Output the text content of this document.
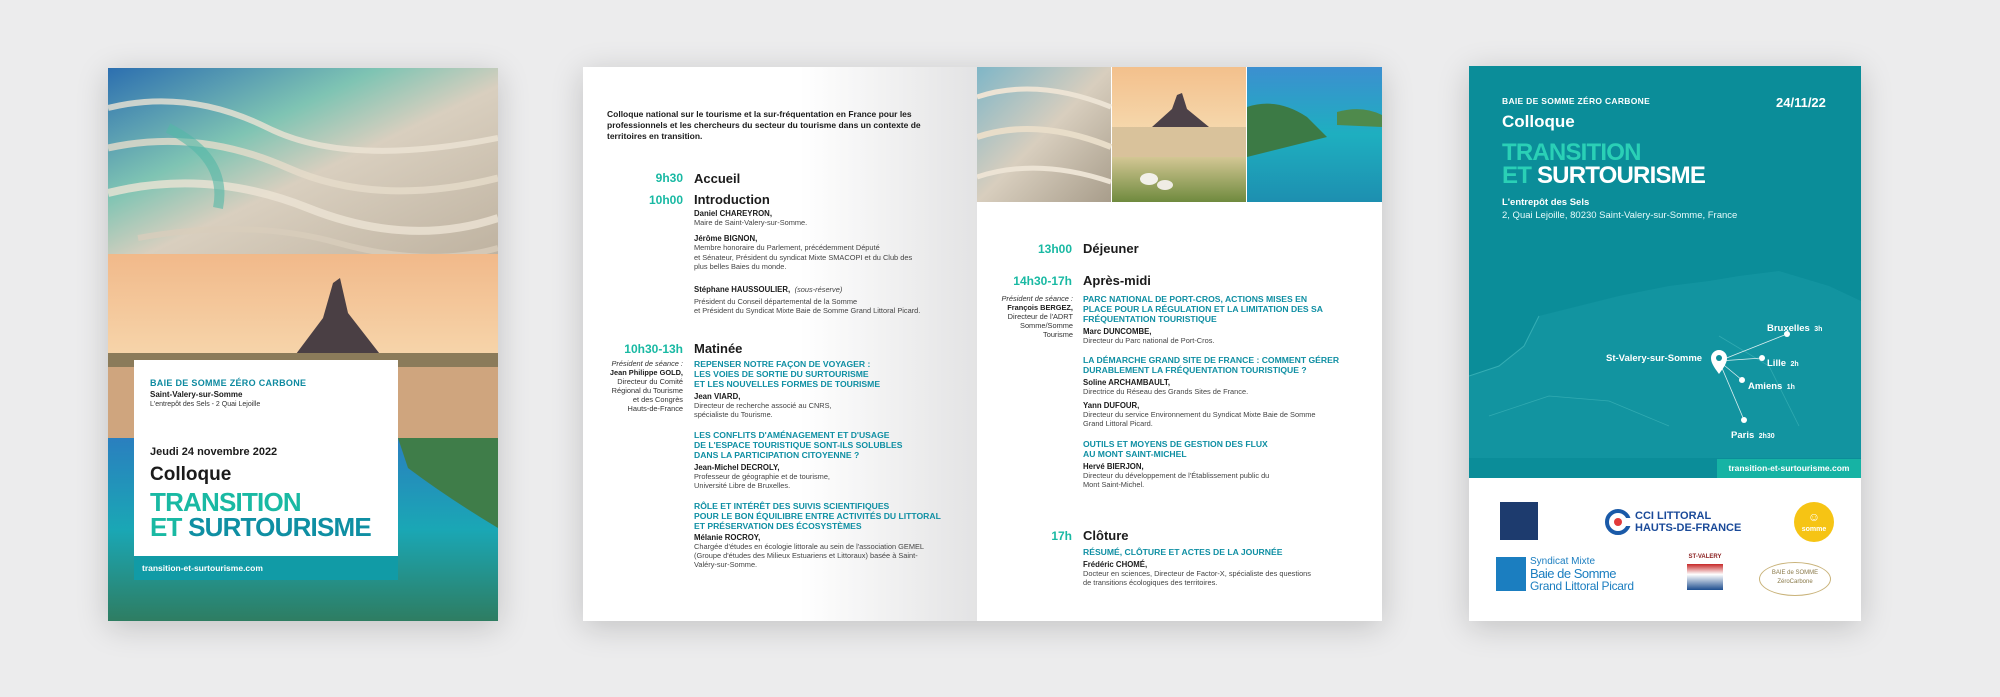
BAIE DE SOMME ZÉRO CARBONE
Saint-Valery-sur-Somme
L'entrepôt des Sels - 2 Quai Lejoille
Jeudi 24 novembre 2022
Colloque
TRANSITION
ET SURTOURISME
transition-et-surtourisme.com
Colloque national sur le tourisme et la sur-fréquentation en France pour les
professionnels et les chercheurs du secteur du tourisme dans un contexte de
territoires en transition.
9h30 Accueil
10h00 Introduction
Daniel CHAREYRON,
Maire de Saint-Valery-sur-Somme.
Jérôme BIGNON,
Membre honoraire du Parlement, précédemment Député
et Sénateur, Président du syndicat Mixte SMACOPI et du Club des
plus belles Baies du monde.
Stéphane HAUSSOULIER, (sous-réserve)
Président du Conseil départemental de la Somme
et Président du Syndicat Mixte Baie de Somme Grand Littoral Picard.
10h30-13h Matinée
Président de séance :
Jean Philippe GOLD,
Directeur du Comité
Régional du Tourisme
et des Congrès
Hauts-de-France
REPENSER NOTRE FAÇON DE VOYAGER :
LES VOIES DE SORTIE DU SURTOURISME
ET LES NOUVELLES FORMES DE TOURISME
Jean VIARD,
Directeur de recherche associé au CNRS,
spécialiste du Tourisme.
LES CONFLITS D'AMÉNAGEMENT ET D'USAGE
DE L'ESPACE TOURISTIQUE SONT-ILS SOLUBLES
DANS LA PARTICIPATION CITOYENNE ?
Jean-Michel DECROLY,
Professeur de géographie et de tourisme,
Université Libre de Bruxelles.
RÔLE ET INTÉRÊT DES SUIVIS SCIENTIFIQUES
POUR LE BON ÉQUILIBRE ENTRE ACTIVITÉS DU LITTORAL
ET PRÉSERVATION DES ÉCOSYSTÈMES
Mélanie ROCROY,
Chargée d'études en écologie littorale au sein de l'association GEMEL
(Groupe d'études des Milieux Estuariens et Littoraux) basée à Saint-
Valéry-sur-Somme.
13h00 Déjeuner
14h30-17h Après-midi
Président de séance :
François BERGEZ,
Directeur de l'ADRT
Somme/Somme
Tourisme
PARC NATIONAL DE PORT-CROS, ACTIONS MISES EN
PLACE POUR LA RÉGULATION ET LA LIMITATION DES SA
FRÉQUENTATION TOURISTIQUE
Marc DUNCOMBE,
Directeur du Parc national de Port-Cros.
LA DÉMARCHE GRAND SITE DE FRANCE : COMMENT GÉRER
DURABLEMENT LA FRÉQUENTATION TOURISTIQUE ?
Soline ARCHAMBAULT,
Directrice du Réseau des Grands Sites de France.
Yann DUFOUR,
Directeur du service Environnement du Syndicat Mixte Baie de Somme
Grand Littoral Picard.
OUTILS ET MOYENS DE GESTION DES FLUX
AU MONT SAINT-MICHEL
Hervé BIERJON,
Directeur du développement de l'Établissement public du
Mont Saint-Michel.
17h Clôture
RÉSUMÉ, CLÔTURE ET ACTES DE LA JOURNÉE
Frédéric CHOMÉ,
Docteur en sciences, Directeur de Factor-X, spécialiste des questions
de transitions écologiques des territoires.
BAIE DE SOMME ZÉRO CARBONE	24/11/22
Colloque
TRANSITION
ET SURTOURISME
L'entrepôt des Sels
2, Quai Lejoille, 80230 Saint-Valery-sur-Somme, France
St-Valery-sur-Somme
Bruxelles 3h
Lille 2h
Amiens 1h
Paris 2h30
transition-et-surtourisme.com
CCI LITTORAL
HAUTS-DE-FRANCE
☺
somme
Syndicat Mixte
Baie de Somme
Grand Littoral Picard
ST-VALERY
BAIE de SOMME
ZéroCarbone
